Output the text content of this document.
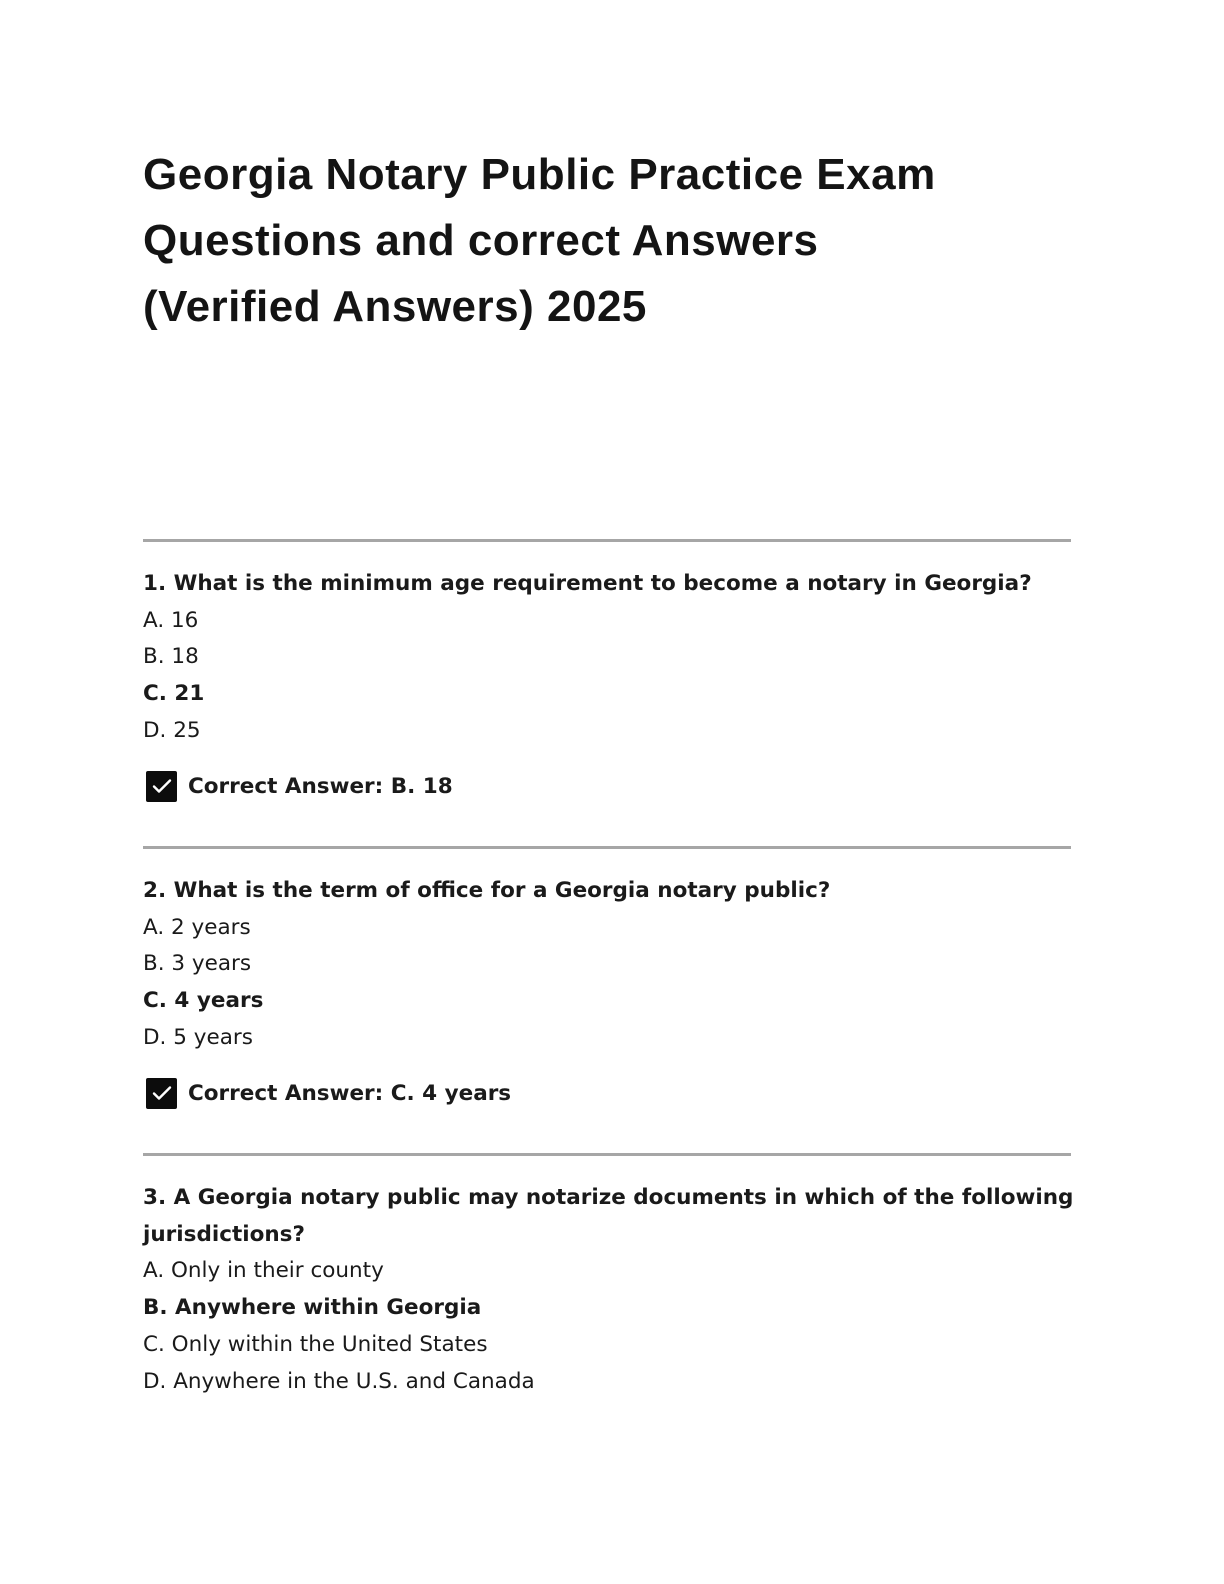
Georgia Notary Public Practice Exam
Questions and correct Answers
(Verified Answers) 2025
1. What is the minimum age requirement to become a notary in Georgia?
A. 16
B. 18
C. 21
D. 25
Correct Answer: B. 18
2. What is the term of office for a Georgia notary public?
A. 2 years
B. 3 years
C. 4 years
D. 5 years
Correct Answer: C. 4 years
3. A Georgia notary public may notarize documents in which of the following
jurisdictions?
A. Only in their county
B. Anywhere within Georgia
C. Only within the United States
D. Anywhere in the U.S. and Canada
